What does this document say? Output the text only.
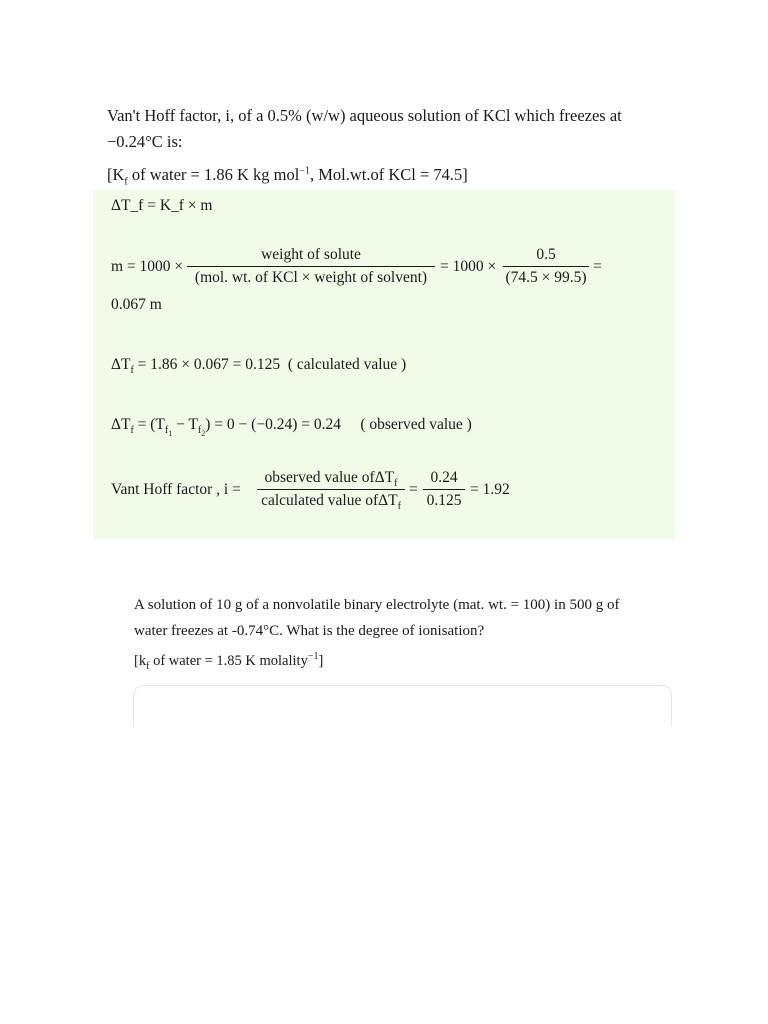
Van't Hoff factor, i, of a 0.5% (w/w) aqueous solution of KCl which freezes at

−0.24°C is:

[$K_f$ of water = 1.86 K kg mol$^{-1}$, Mol.wt.of KCl = 74.5]

ΔT_f = K_f × m
m = 1000 ×
weight of solute
(mol. wt. of KCl × weight of solvent)
= $1000 \times \frac{0.5}{(74.5 \times 99.5)}$ =
0.067 m
$\Delta T_f = 1.86 \times 0.067 = 0.125$ ( calculated value )
$\Delta T_f = (T_{f_1} - T_{f_2}) = 0 - (-0.24) = 0.24$ ( observed value )
Vant Hoff factor , i =
observed value ofΔT$_f$
calculated value ofΔT$_f$
= $\frac{0.24}{0.125} = 1.92$

A solution of 10 g of a nonvolatile binary electrolyte (mat. wt. = 100) in 500 g of

water freezes at -0.74°C. What is the degree of ionisation?

[$k_f$ of water = 1.85 K molality$^{-1}$]
